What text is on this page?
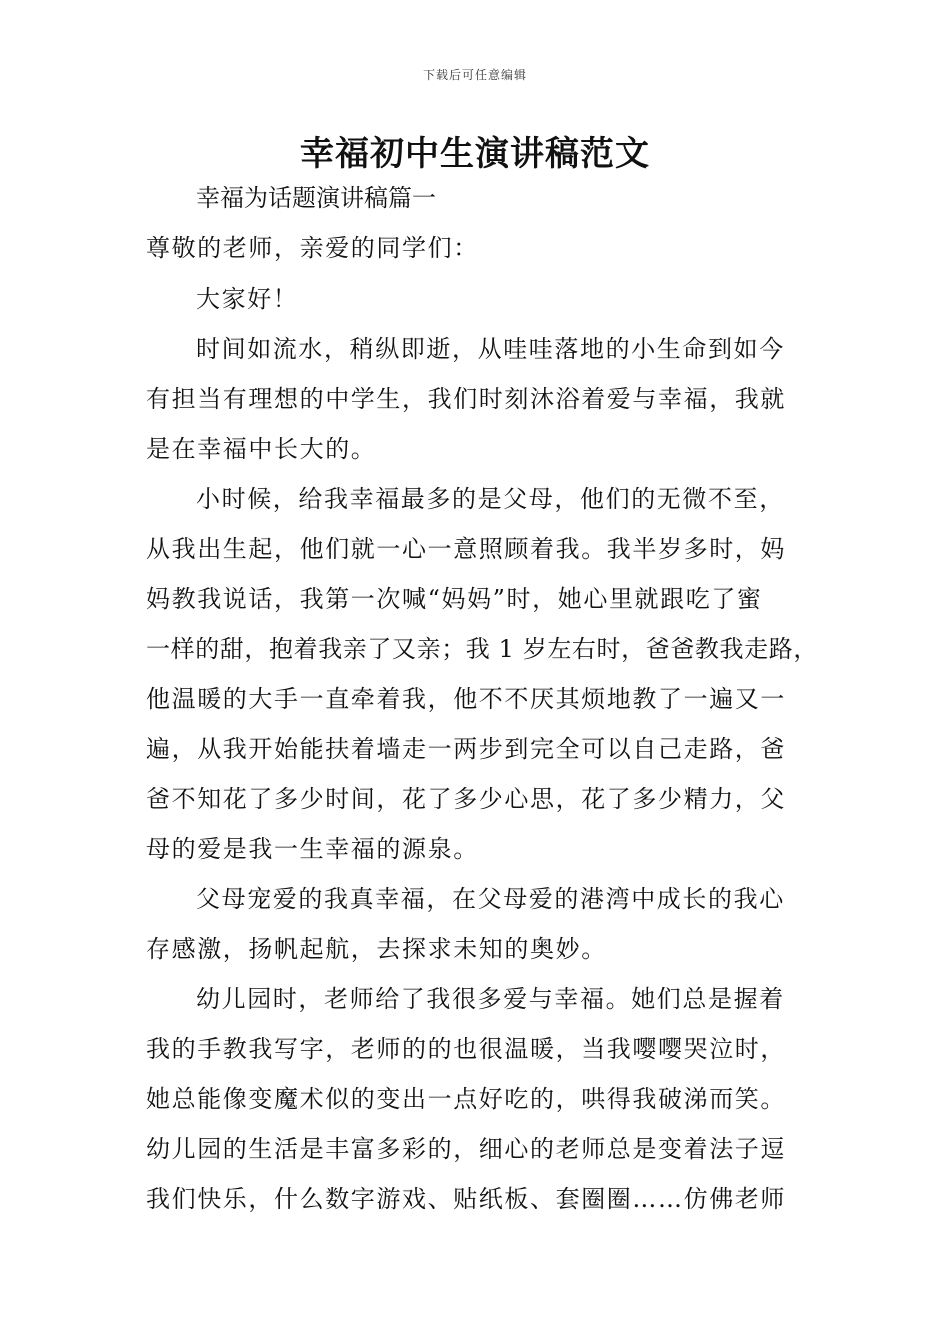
下载后可任意编辑
幸福初中生演讲稿范文
幸福为话题演讲稿篇一
尊敬的老师，亲爱的同学们：
大家好！
时间如流水，稍纵即逝，从哇哇落地的小生命到如今
有担当有理想的中学生，我们时刻沐浴着爱与幸福，我就
是在幸福中长大的。
小时候，给我幸福最多的是父母，他们的无微不至，
从我出生起，他们就一心一意照顾着我。我半岁多时，妈
妈教我说话，我第一次喊“妈妈”时，她心里就跟吃了蜜
一样的甜，抱着我亲了又亲；我 1 岁左右时，爸爸教我走路，
他温暖的大手一直牵着我，他不不厌其烦地教了一遍又一
遍，从我开始能扶着墙走一两步到完全可以自己走路，爸
爸不知花了多少时间，花了多少心思，花了多少精力，父
母的爱是我一生幸福的源泉。
父母宠爱的我真幸福，在父母爱的港湾中成长的我心
存感激，扬帆起航，去探求未知的奥妙。
幼儿园时，老师给了我很多爱与幸福。她们总是握着
我的手教我写字，老师的的也很温暖，当我嘤嘤哭泣时，
她总能像变魔术似的变出一点好吃的，哄得我破涕而笑。
幼儿园的生活是丰富多彩的，细心的老师总是变着法子逗
我们快乐，什么数字游戏、贴纸板、套圈圈……仿佛老师
